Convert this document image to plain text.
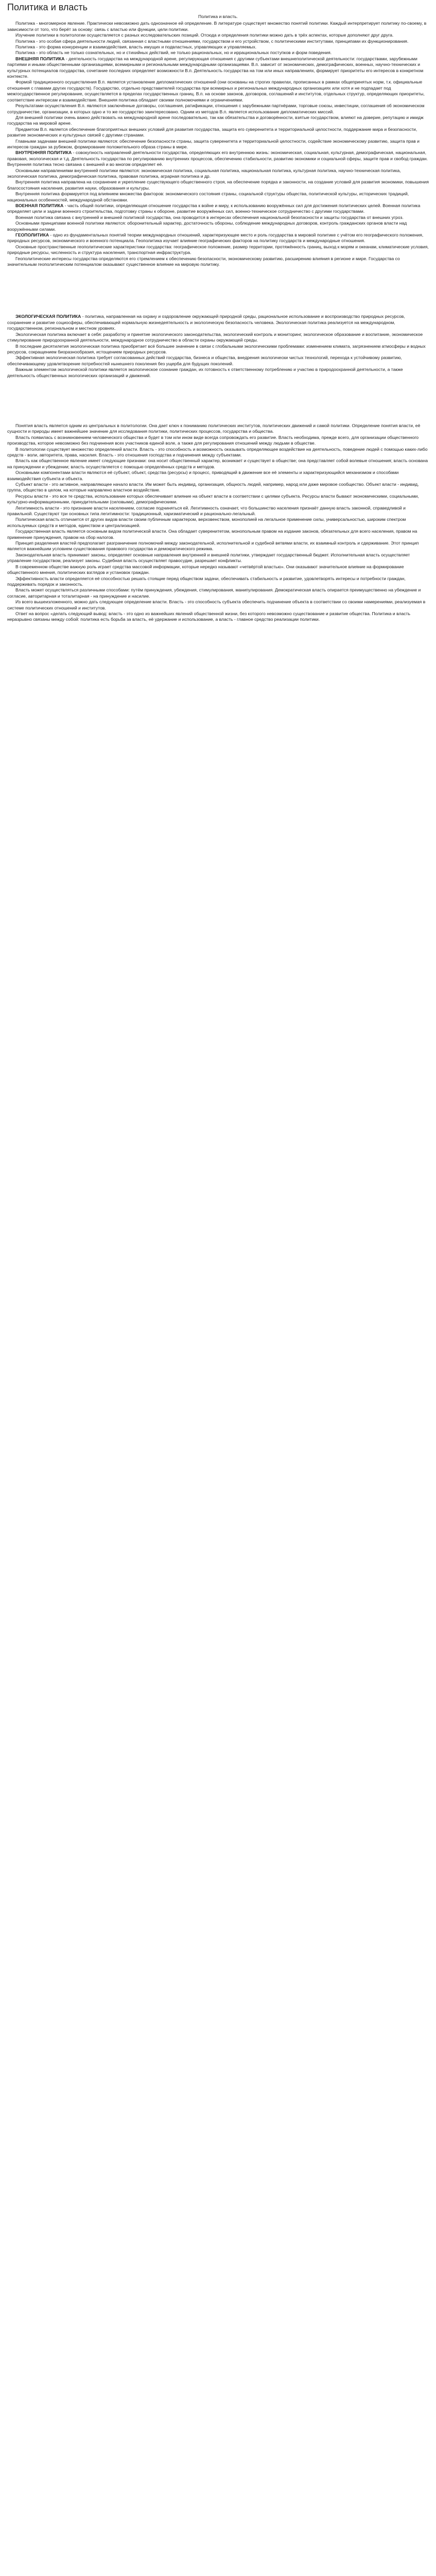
Политика и власть
Политика и власть.

Политика - многомерное явление. Практически невозможно дать однозначное ей определение. В литературе существует множество понятий политики. Каждый интерпретирует политику по-своему, в зависимости от того, что берёт за основу: связь с властью или функции, цели политики.

Изучение политики в политологии осуществляется с разных исследовательских позиций. Отсюда и определения политики можно дать в трёх аспектах, которые дополняют друг друга.

Политика - это особая сфера деятельности людей, связанная с властными отношениями, государством и его устройством, с политическими институтами, принципами их функционирования.

Политика - это форма конкуренции и взаимодействия, власть имущих и подвластных, управляющих и управляемых.

Политика - это область не только сознательных, но и стихийных действий, не только рациональных, но и иррациональных поступков и форм поведения.

ВНЕШНЯЯ ПОЛИТИКА - деятельность государства на международной арене, регулирующая отношения с другими субъектами внешнеполитической деятельности: государствами, зарубежными партиями и иными общественными организациями, всемирными и региональными международными организациями. В.п. зависит от экономических, демографических, военных, научно-технических и культурных потенциалов государства, сочетание последних определяет возможности В.п. Деятельность государства на том или иных направлениях, формирует приоритеты его интересов в конкретном контексте.

Формой традиционного осуществления В.п. является установление дипломатических отношений (они основаны на строгих правилах, прописанных в рамках общепринятых норм, т.к. официальные отношения с главами других государств). Государство, отдельно представителей государства при всемирных и региональных международных организациях или хотя и не подпадает под межгосударственное регулирование, осуществляется в пределах государственных границ. В.п. на основе законов, договоров, соглашений и институтов, отдельных структур, определяющих приоритеты, соответствие интересам и взаимодействие. Внешняя политика обладает своими полномочиями и ограничениями.

Результатами осуществления В.п. являются заключённые договоры, соглашения, ратификации, отношения с зарубежными партнёрами, торговые союзы, инвестиции, соглашения об экономическом сотрудничестве, организации, в которых одно и то же государство заинтересовано. Одним из методов В.п. является использование дипломатических миссий.

Для внешней политики очень важно действовать на международной арене последовательно, так как обязательства и договорённости, взятые государством, влияют на доверие, репутацию и имидж государства на мировой арене.

Предметом В.п. является обеспечение благоприятных внешних условий для развития государства, защита его суверенитета и территориальной целостности, поддержание мира и безопасности, развитие экономических и культурных связей с другими странами.

Главными задачами внешней политики являются: обеспечение безопасности страны, защита суверенитета и территориальной целостности, содействие экономическому развитию, защита прав и интересов граждан за рубежом, формирование положительного образа страны в мире.

ВНУТРЕННЯЯ ПОЛИТИКА - совокупность направлений деятельности государства, определяющих его внутреннюю жизнь: экономическая, социальная, культурная, демографическая, национальная, правовая, экологическая и т.д. Деятельность государства по регулированию внутренних процессов, обеспечению стабильности, развитию экономики и социальной сферы, защите прав и свобод граждан. Внутренняя политика тесно связана с внешней и во многом определяет её.

Основными направлениями внутренней политики являются: экономическая политика, социальная политика, национальная политика, культурная политика, научно-техническая политика, экологическая политика, демографическая политика, правовая политика, аграрная политика и др.

Внутренняя политика направлена на сохранение и укрепление существующего общественного строя, на обеспечение порядка и законности, на создание условий для развития экономики, повышения благосостояния населения, развития науки, образования и культуры.

Внутренняя политика формируется под влиянием множества факторов: экономического состояния страны, социальной структуры общества, политической культуры, исторических традиций, национальных особенностей, международной обстановки.

ВОЕННАЯ ПОЛИТИКА - часть общей политики, определяющая отношение государства к войне и миру, к использованию вооружённых сил для достижения политических целей. Военная политика определяет цели и задачи военного строительства, подготовку страны к обороне, развитие вооружённых сил, военно-техническое сотрудничество с другими государствами.

Военная политика связана с внутренней и внешней политикой государства, она проводится в интересах обеспечения национальной безопасности и защиты государства от внешних угроз.

Основными принципами военной политики являются: оборонительный характер, достаточность обороны, соблюдение международных договоров, контроль гражданских органов власти над вооружёнными силами.

ГЕОПОЛИТИКА - одно из фундаментальных понятий теории международных отношений, характеризующее место и роль государства в мировой политике с учётом его географического положения, природных ресурсов, экономического и военного потенциала. Геополитика изучает влияние географических факторов на политику государств и международные отношения.

Основные пространственные геополитические характеристики государства: географическое положение, размер территории, протяжённость границ, выход к морям и океанам, климатические условия, природные ресурсы, численность и структура населения, транспортная инфраструктура.

Геополитические интересы государства определяются его стремлением к обеспечению безопасности, экономическому развитию, расширению влияния в регионе и мире. Государства со значительным геополитическим потенциалом оказывают существенное влияние на мировую политику.

ЭКОЛОГИЧЕСКАЯ ПОЛИТИКА - политика, направленная на охрану и оздоровление окружающей природной среды, рациональное использование и воспроизводство природных ресурсов, сохранение и развитие социосферы, обеспечивающей нормальную жизнедеятельность и экологическую безопасность человека. Экологическая политика реализуется на международном, государственном, региональном и местном уровнях.

Экологическая политика включает в себя: разработку и принятие экологического законодательства, экологический контроль и мониторинг, экологическое образование и воспитание, экономическое стимулирование природоохранной деятельности, международное сотрудничество в области охраны окружающей среды.

В последние десятилетия экологическая политика приобретает всё большее значение в связи с глобальными экологическими проблемами: изменением климата, загрязнением атмосферы и водных ресурсов, сокращением биоразнообразия, истощением природных ресурсов.

Эффективная экологическая политика требует согласованных действий государства, бизнеса и общества, внедрения экологически чистых технологий, перехода к устойчивому развитию, обеспечивающему удовлетворение потребностей нынешнего поколения без ущерба для будущих поколений.

Важным элементом экологической политики является экологическое сознание граждан, их готовность к ответственному потреблению и участию в природоохранной деятельности, а также деятельность общественных экологических организаций и движений.

Понятия власть является одним из центральных в политологии. Она дает ключ к пониманию политических институтов, политических движений и самой политики. Определение понятия власти, её сущности и природы имеет важнейшее значение для исследования политики, политических процессов, государства и общества.

Власть появилась с возникновением человеческого общества и будет в том или ином виде всегда сопровождать его развитие. Власть необходима, прежде всего, для организации общественного производства, которое невозможно без подчинения всех участников единой воле, а также для регулирования отношений между людьми в обществе.

В политологии существует множество определений власти. Власть - это способность и возможность оказывать определяющее воздействие на деятельность, поведение людей с помощью каких-либо средств - воли, авторитета, права, насилия. Власть - это отношения господства и подчинения между субъектами.

Власть как общественное явление имеет следующие признаки: она носит общественный характер, возникает и существует в обществе; она представляет собой волевые отношения; власть основана на принуждении и убеждении; власть осуществляется с помощью определённых средств и методов.

Основными компонентами власти являются её субъект, объект, средства (ресурсы) и процесс, приводящий в движение все её элементы и характеризующийся механизмом и способами взаимодействия субъекта и объекта.

Субъект власти - это активное, направляющее начало власти. Им может быть индивид, организация, общность людей, например, народ или даже мировое сообщество. Объект власти - индивид, группа, общество в целом, на которые направлено властное воздействие.

Ресурсы власти - это все те средства, использование которых обеспечивает влияние на объект власти в соответствии с целями субъекта. Ресурсы власти бывают экономическими, социальными, культурно-информационными, принудительными (силовыми), демографическими.

Легитимность власти - это признание власти населением, согласие подчиняться ей. Легитимность означает, что большинство населения признаёт данную власть законной, справедливой и правильной. Существуют три основных типа легитимности: традиционный, харизматический и рационально-легальный.

Политическая власть отличается от других видов власти своим публичным характером, верховенством, монополией на легальное применение силы, универсальностью, широким спектром используемых средств и методов, единством и централизацией.

Государственная власть является основным видом политической власти. Она обладает суверенитетом, монопольным правом на издание законов, обязательных для всего населения, правом на применение принуждения, правом на сбор налогов.

Принцип разделения властей предполагает разграничение полномочий между законодательной, исполнительной и судебной ветвями власти, их взаимный контроль и сдерживание. Этот принцип является важнейшим условием существования правового государства и демократического режима.

Законодательная власть принимает законы, определяет основные направления внутренней и внешней политики, утверждает государственный бюджет. Исполнительная власть осуществляет управление государством, реализует законы. Судебная власть осуществляет правосудие, разрешает конфликты.

В современном обществе важную роль играет средства массовой информации, которые нередко называют «четвёртой властью». Они оказывают значительное влияние на формирование общественного мнения, политических взглядов и установок граждан.

Эффективность власти определяется её способностью решать стоящие перед обществом задачи, обеспечивать стабильность и развитие, удовлетворять интересы и потребности граждан, поддерживать порядок и законность.

Власть может осуществляться различными способами: путём принуждения, убеждения, стимулирования, манипулирования. Демократическая власть опирается преимущественно на убеждение и согласие, авторитарная и тоталитарная - на принуждение и насилие.

Из всего вышеизложенного, можно дать следующее определение власти. Власть - это способность субъекта обеспечить подчинение объекта в соответствии со своими намерениями, реализуемая в системе политических отношений и институтов.

Ответ на вопрос «делать следующий вывод: власть - это одно из важнейших явлений общественной жизни, без которого невозможно существование и развитие общества. Политика и власть неразрывно связаны между собой: политика есть борьба за власть, её удержание и использование, а власть - главное средство реализации политики.
